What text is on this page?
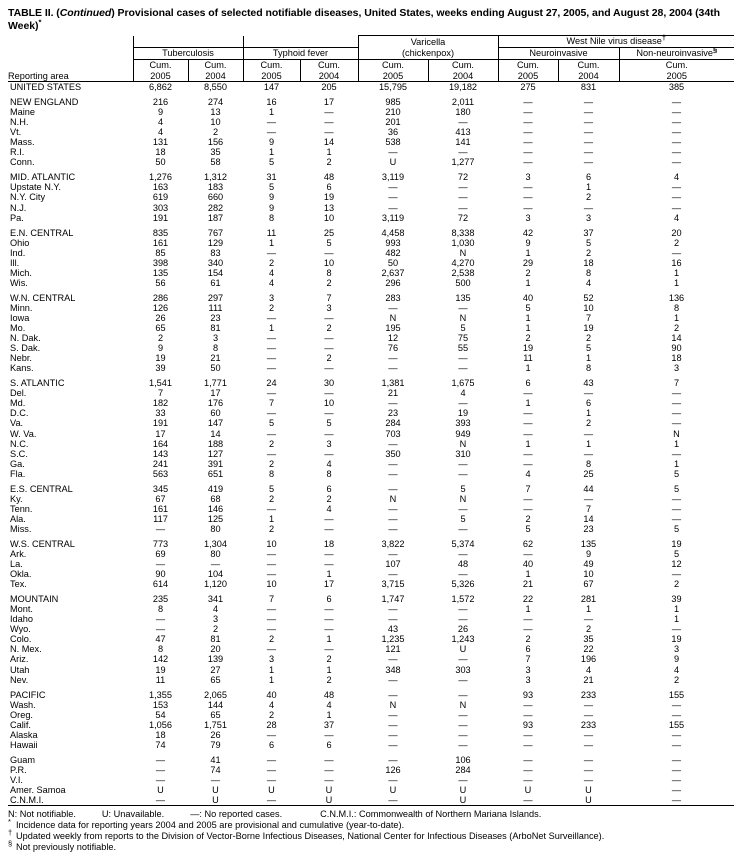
TABLE II. (Continued) Provisional cases of selected notifiable diseases, United States, weeks ending August 27, 2005, and August 28, 2004 (34th Week)*
					Varicella		West Nile virus disease†
	Tuberculosis		Typhoid fever		(chickenpox)		Neuroinvasive		Non-neuroinvasive§
	Cum.	Cum.	Cum.	Cum.	Cum.	Cum.	Cum.	Cum.	Cum.
Reporting area	2005	2004	2005	2004	2005	2004	2005	2004	2005

UNITED STATES	6,862	8,550	147	205	15,795	19,182	275	831	385

NEW ENGLAND	216	274	16	17	985	2,011	—	—	—
Maine	9	13	1	—	210	180	—	—	—
N.H.	4	10	—	—	201	—	—	—	—
Vt.	4	2	—	—	36	413	—	—	—
Mass.	131	156	9	14	538	141	—	—	—
R.I.	18	35	1	1	—	—	—	—	—
Conn.	50	58	5	2	U	1,277	—	—	—

MID. ATLANTIC	1,276	1,312	31	48	3,119	72	3	6	4
Upstate N.Y.	163	183	5	6	—	—	—	1	—
N.Y. City	619	660	9	19	—	—	—	2	—
N.J.	303	282	9	13	—	—	—	—	—
Pa.	191	187	8	10	3,119	72	3	3	4

E.N. CENTRAL	835	767	11	25	4,458	8,338	42	37	20
Ohio	161	129	1	5	993	1,030	9	5	2
Ind.	85	83	—	—	482	N	1	2	—
Ill.	398	340	2	10	50	4,270	29	18	16
Mich.	135	154	4	8	2,637	2,538	2	8	1
Wis.	56	61	4	2	296	500	1	4	1

W.N. CENTRAL	286	297	3	7	283	135	40	52	136
Minn.	126	111	2	3	—	—	5	10	8
Iowa	26	23	—	—	N	N	1	7	1
Mo.	65	81	1	2	195	5	1	19	2
N. Dak.	2	3	—	—	12	75	2	2	14
S. Dak.	9	8	—	—	76	55	19	5	90
Nebr.	19	21	—	2	—	—	11	1	18
Kans.	39	50	—	—	—	—	1	8	3

S. ATLANTIC	1,541	1,771	24	30	1,381	1,675	6	43	7
Del.	7	17	—	—	21	4	—	—	—
Md.	182	176	7	10	—	—	1	6	—
D.C.	33	60	—	—	23	19	—	1	—
Va.	191	147	5	5	284	393	—	2	—
W. Va.	17	14	—	—	703	949	—	—	N
N.C.	164	188	2	3	—	N	1	1	1
S.C.	143	127	—	—	350	310	—	—	—
Ga.	241	391	2	4	—	—	—	8	1
Fla.	563	651	8	8	—	—	4	25	5

E.S. CENTRAL	345	419	5	6	—	5	7	44	5
Ky.	67	68	2	2	N	N	—	—	—
Tenn.	161	146	—	4	—	—	—	7	—
Ala.	117	125	1	—	—	5	2	14	—
Miss.	—	80	2	—	—	—	5	23	5

W.S. CENTRAL	773	1,304	10	18	3,822	5,374	62	135	19
Ark.	69	80	—	—	—	—	—	9	5
La.	—	—	—	—	107	48	40	49	12
Okla.	90	104	—	1	—	—	1	10	—
Tex.	614	1,120	10	17	3,715	5,326	21	67	2

MOUNTAIN	235	341	7	6	1,747	1,572	22	281	39
Mont.	8	4	—	—	—	—	1	1	1
Idaho	—	3	—	—	—	—	—	—	1
Wyo.	—	2	—	—	43	26	—	2	—
Colo.	47	81	2	1	1,235	1,243	2	35	19
N. Mex.	8	20	—	—	121	U	6	22	3
Ariz.	142	139	3	2	—	—	7	196	9
Utah	19	27	1	1	348	303	3	4	4
Nev.	11	65	1	2	—	—	3	21	2

PACIFIC	1,355	2,065	40	48	—	—	93	233	155
Wash.	153	144	4	4	N	N	—	—	—
Oreg.	54	65	2	1	—	—	—	—	—
Calif.	1,056	1,751	28	37	—	—	93	233	155
Alaska	18	26	—	—	—	—	—	—	—
Hawaii	74	79	6	6	—	—	—	—	—

Guam	—	41	—	—	—	106	—	—	—
P.R.	—	74	—	—	126	284	—	—	—
V.I.	—	—	—	—	—	—	—	—	—
Amer. Samoa	U	U	U	U	U	U	U	U	—
C.N.M.I.	—	U	—	U	—	U	—	U	—
N: Not notifiable.	U: Unavailable.	—: No reported cases.	C.N.M.I.: Commonwealth of Northern Mariana Islands.
* Incidence data for reporting years 2004 and 2005 are provisional and cumulative (year-to-date).
† Updated weekly from reports to the Division of Vector-Borne Infectious Diseases, National Center for Infectious Diseases (ArboNet Surveillance).
§ Not previously notifiable.
